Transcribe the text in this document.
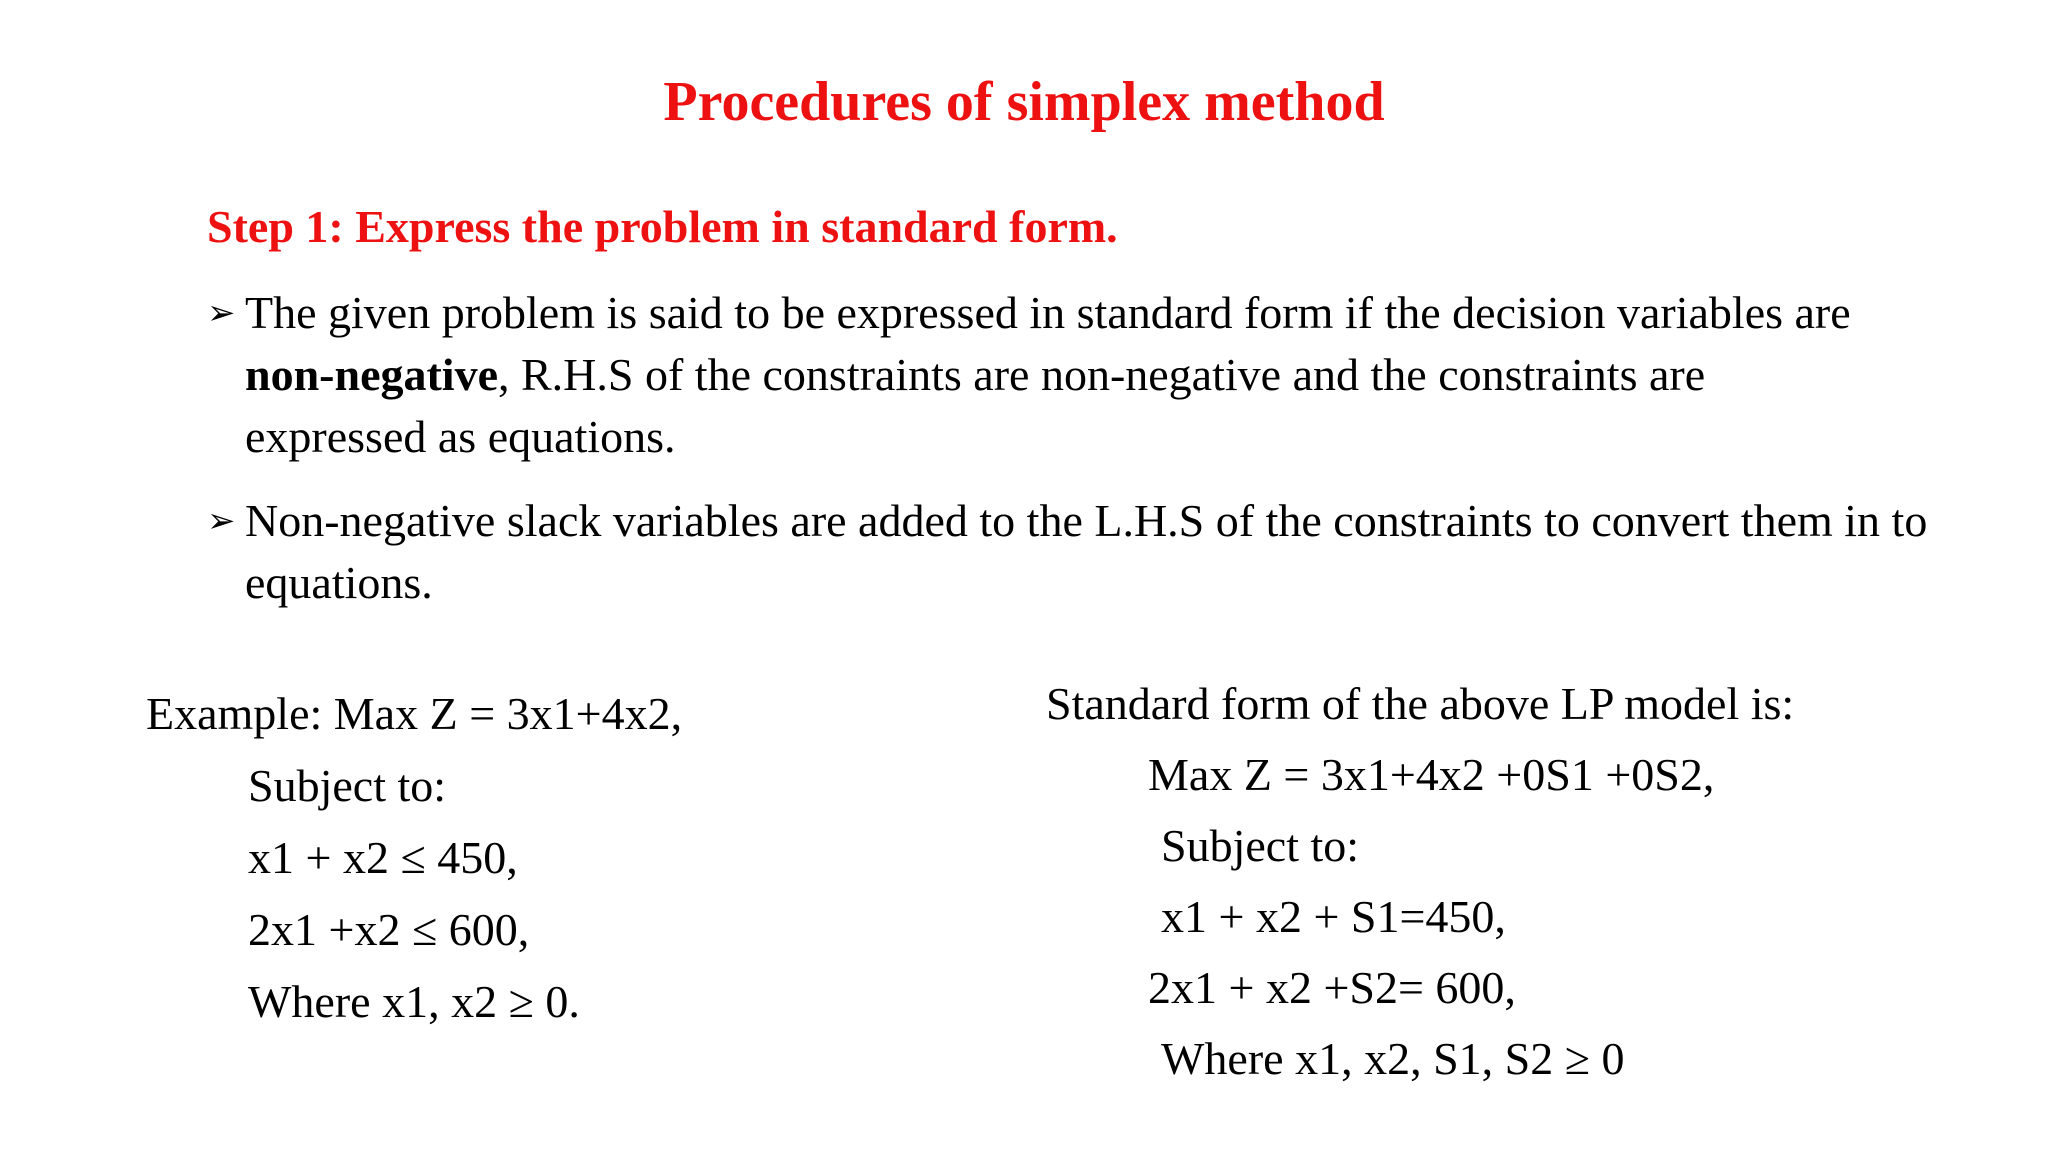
Procedures of simplex method
Step 1: Express the problem in standard form.
➢ The given problem is said to be expressed in standard form if the decision variables are non-negative, R.H.S of the constraints are non-negative and the constraints are expressed as equations.
➢ Non-negative slack variables are added to the L.H.S of the constraints to convert them in to equations.
Example: Max Z = 3x1+4x2,
Subject to:
x1 + x2 ≤ 450,
2x1 +x2 ≤ 600,
Where x1, x2 ≥ 0.
Standard form of the above LP model is:
Max Z = 3x1+4x2 +0S1 +0S2,
Subject to:
x1 + x2 + S1=450,
2x1 + x2 +S2= 600,
Where x1, x2, S1, S2 ≥ 0
